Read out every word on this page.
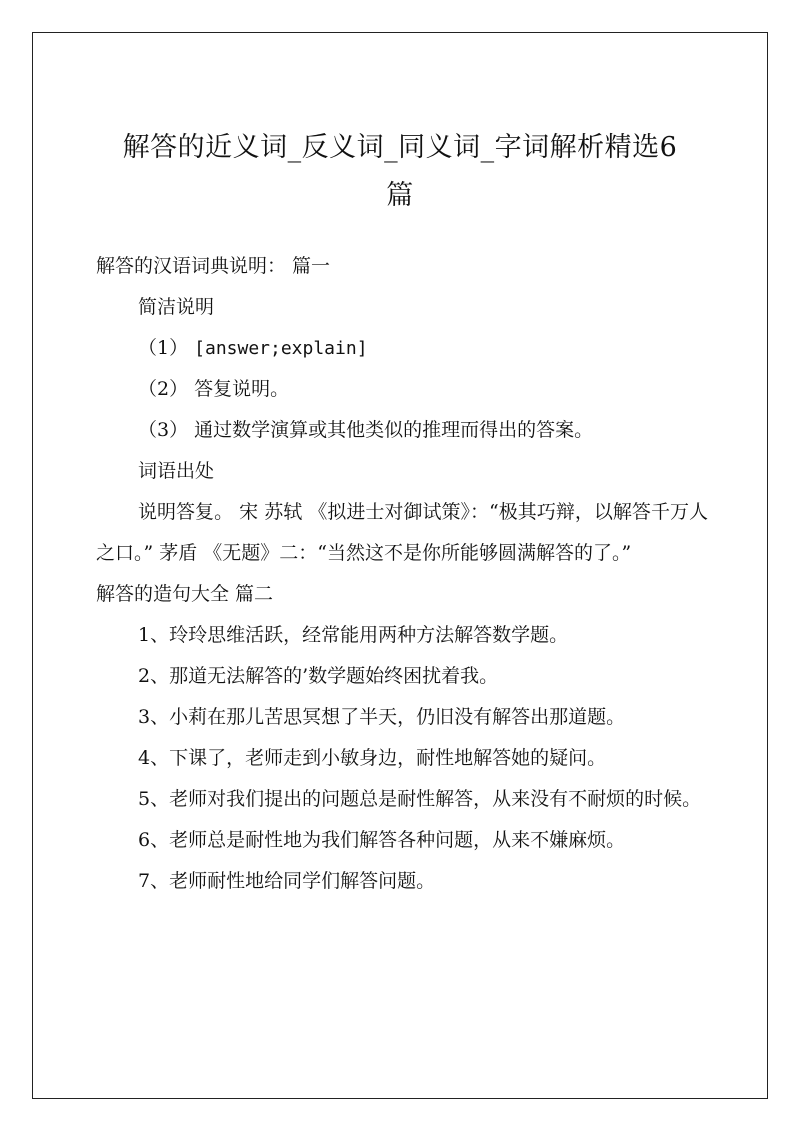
解答的近义词_反义词_同义词_字词解析精选6
篇

解答的汉语词典说明： 篇一

简洁说明

（1） [answer;explain]

（2） 答复说明。

（3） 通过数学演算或其他类似的推理而得出的答案。

词语出处

说明答复。 宋 苏轼 《拟进士对御试策》：“极其巧辩，以解答千万人之口。” 茅盾 《无题》二：“当然这不是你所能够圆满解答的了。”

解答的造句大全 篇二

1、玲玲思维活跃，经常能用两种方法解答数学题。

2、那道无法解答的’数学题始终困扰着我。

3、小莉在那儿苦思冥想了半天，仍旧没有解答出那道题。

4、下课了，老师走到小敏身边，耐性地解答她的疑问。

5、老师对我们提出的问题总是耐性解答，从来没有不耐烦的时候。

6、老师总是耐性地为我们解答各种问题，从来不嫌麻烦。

7、老师耐性地给同学们解答问题。
